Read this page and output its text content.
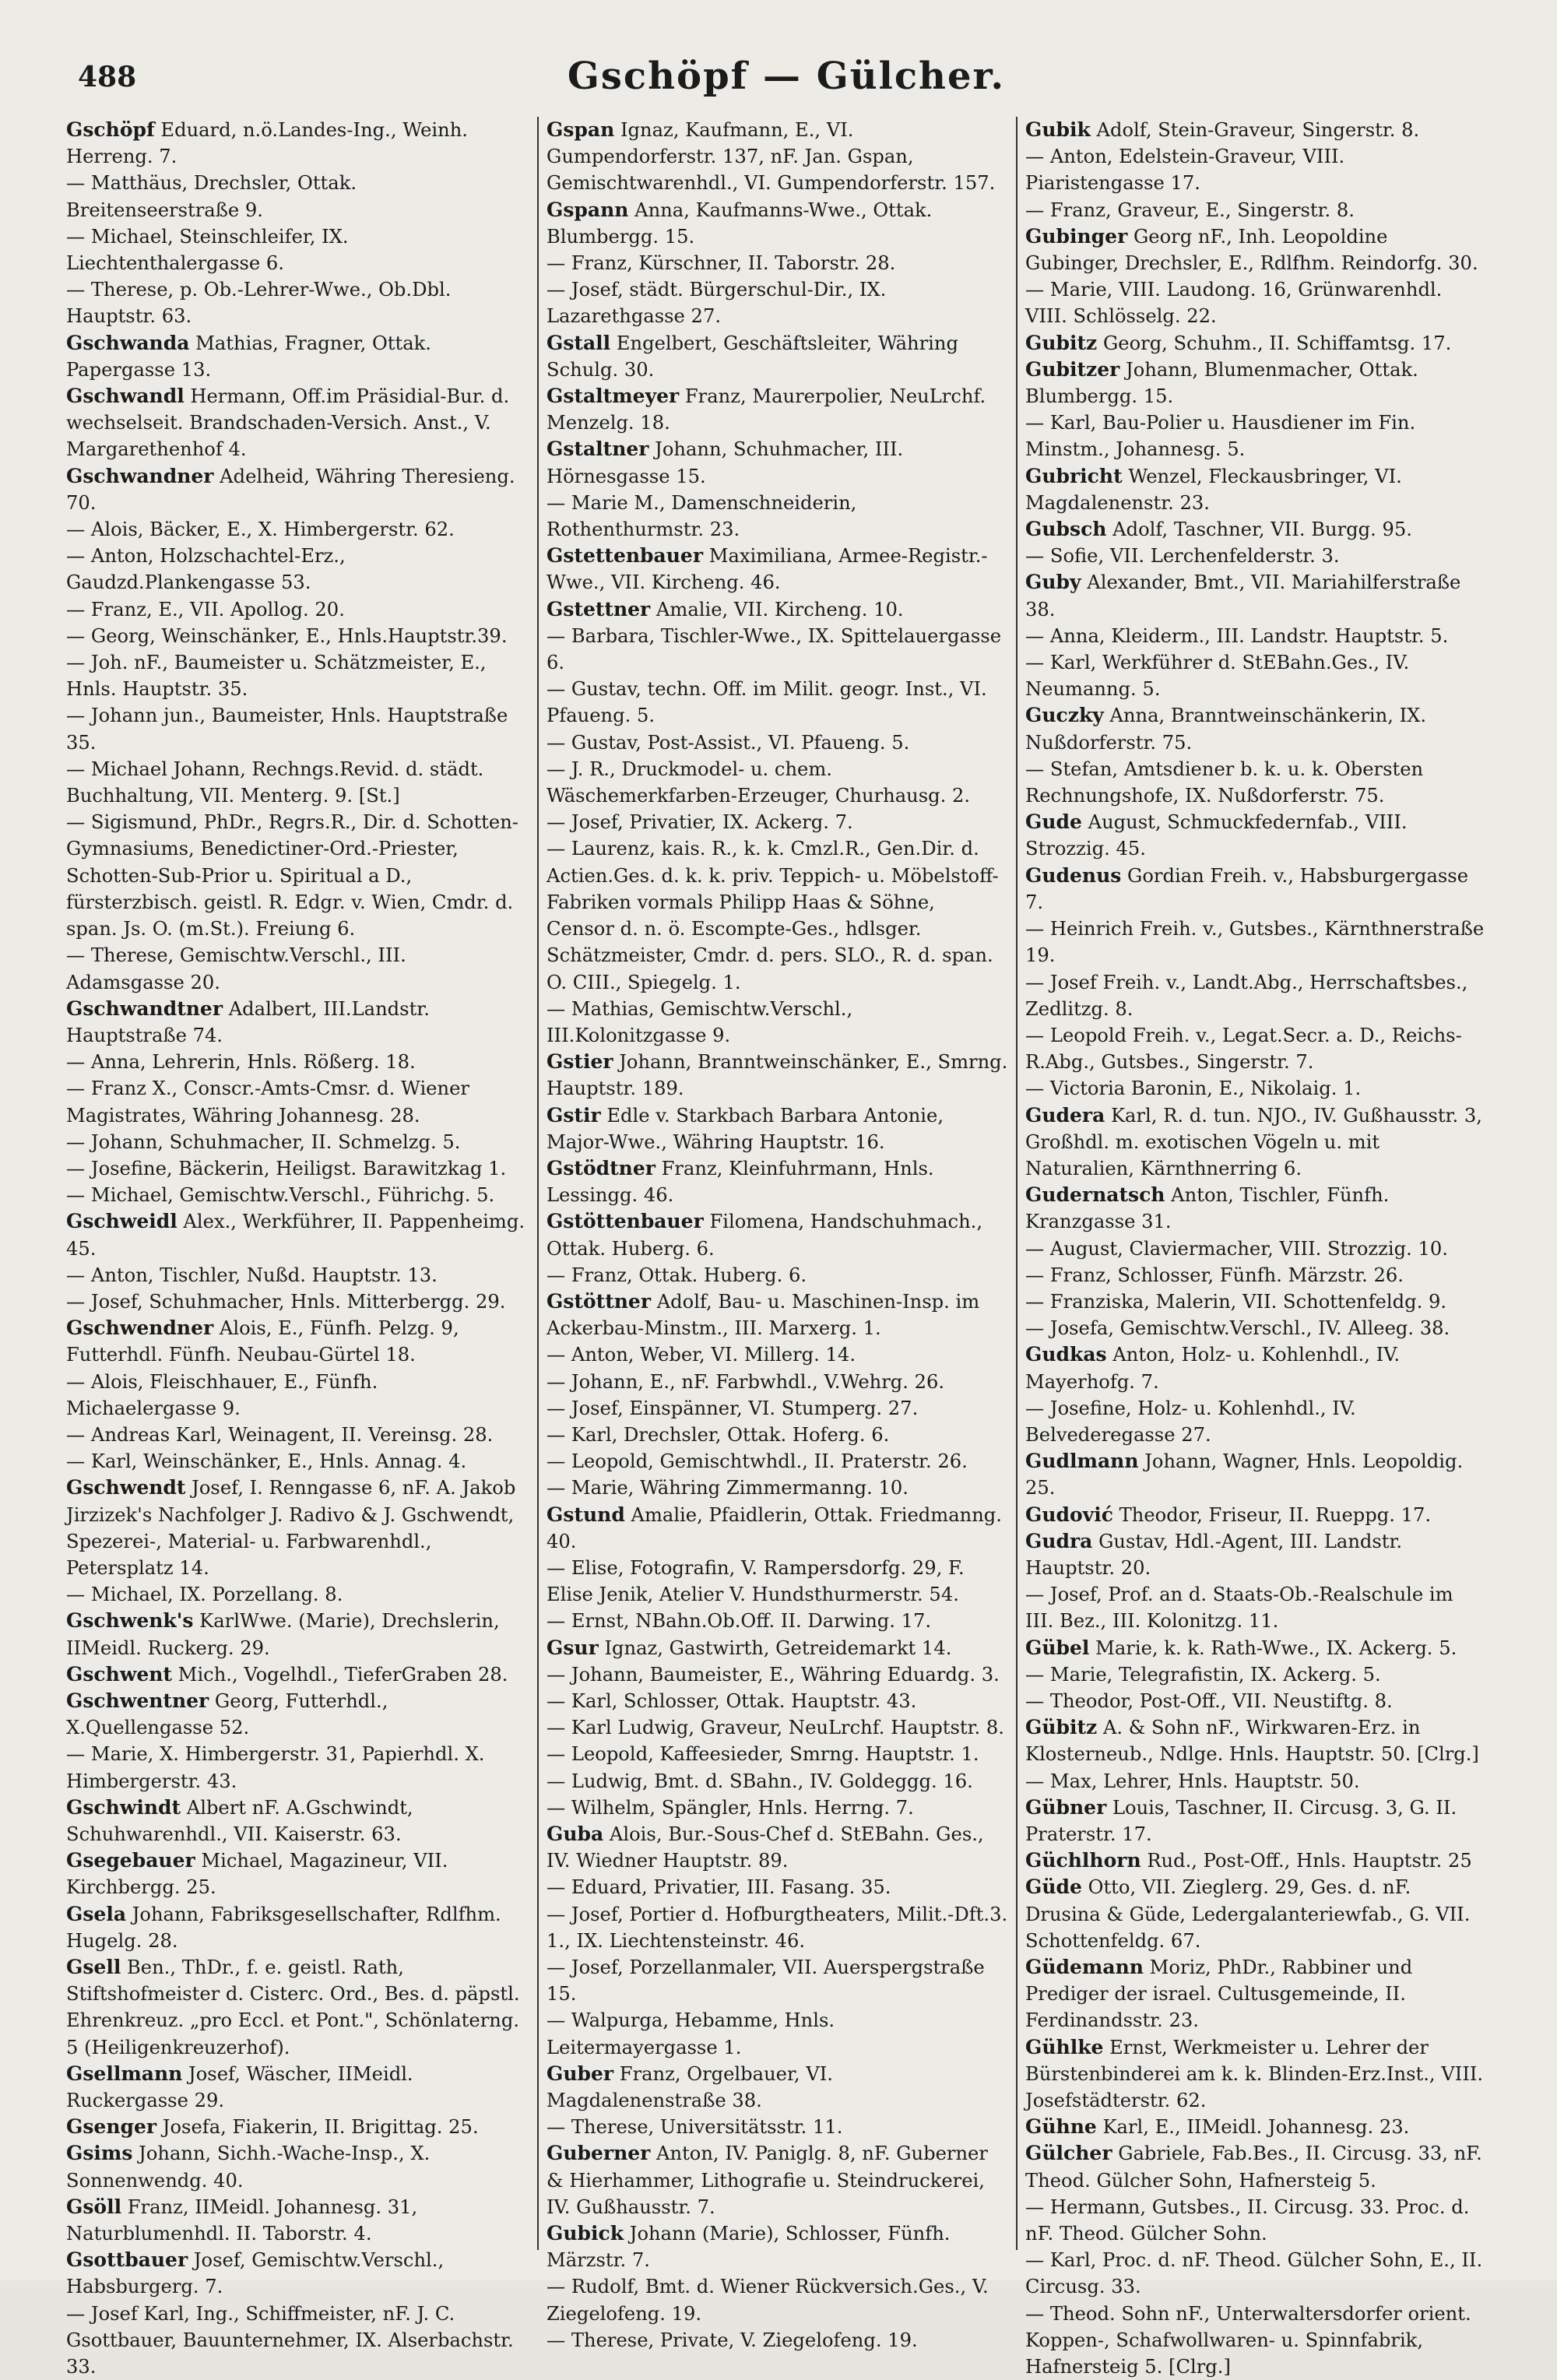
488	Gschöpf — Gülcher.

Gschöpf Eduard, n.ö.Landes-Ing., Weinh. Herreng. 7.

— Matthäus, Drechsler, Ottak. Breitenseerstraße 9.

— Michael, Steinschleifer, IX. Liechtenthalergasse 6.

— Therese, p. Ob.-Lehrer-Wwe., Ob.Dbl. Hauptstr. 63.

Gschwanda Mathias, Fragner, Ottak. Papergasse 13.

Gschwandl Hermann, Off.im Präsidial-Bur. d. wechselseit. Brandschaden-Versich. Anst., V. Margarethenhof 4.

Gschwandner Adelheid, Währing Theresieng. 70.

— Alois, Bäcker, E., X. Himbergerstr. 62.

— Anton, Holzschachtel-Erz., Gaudzd.Plankengasse 53.

— Franz, E., VII. Apollog. 20.

— Georg, Weinschänker, E., Hnls.Hauptstr.39.

— Joh. nF., Baumeister u. Schätzmeister, E., Hnls. Hauptstr. 35.

— Johann jun., Baumeister, Hnls. Hauptstraße 35.

— Michael Johann, Rechngs.Revid. d. städt. Buchhaltung, VII. Menterg. 9. [St.]

— Sigismund, PhDr., Regrs.R., Dir. d. Schotten-Gymnasiums, Benedictiner-Ord.-Priester, Schotten-Sub-Prior u. Spiritual a D., fürsterzbisch. geistl. R. Edgr. v. Wien, Cmdr. d. span. Js. O. (m.St.). Freiung 6.

— Therese, Gemischtw.Verschl., III. Adamsgasse 20.

Gschwandtner Adalbert, III.Landstr. Hauptstraße 74.

— Anna, Lehrerin, Hnls. Rößerg. 18.

— Franz X., Conscr.-Amts-Cmsr. d. Wiener Magistrates, Währing Johannesg. 28.

— Johann, Schuhmacher, II. Schmelzg. 5.

— Josefine, Bäckerin, Heiligst. Barawitzkag 1.

— Michael, Gemischtw.Verschl., Führichg. 5.

Gschweidl Alex., Werkführer, II. Pappenheimg. 45.

— Anton, Tischler, Nußd. Hauptstr. 13.

— Josef, Schuhmacher, Hnls. Mitterbergg. 29.

Gschwendner Alois, E., Fünfh. Pelzg. 9, Futterhdl. Fünfh. Neubau-Gürtel 18.

— Alois, Fleischhauer, E., Fünfh. Michaelergasse 9.

— Andreas Karl, Weinagent, II. Vereinsg. 28.

— Karl, Weinschänker, E., Hnls. Annag. 4.

Gschwendt Josef, I. Renngasse 6, nF. A. Jakob Jirzizek's Nachfolger J. Radivo & J. Gschwendt, Spezerei-, Material- u. Farbwarenhdl., Petersplatz 14.

— Michael, IX. Porzellang. 8.

Gschwenk's KarlWwe. (Marie), Drechslerin, IIMeidl. Ruckerg. 29.

Gschwent Mich., Vogelhdl., TieferGraben 28.

Gschwentner Georg, Futterhdl., X.Quellengasse 52.

— Marie, X. Himbergerstr. 31, Papierhdl. X. Himbergerstr. 43.

Gschwindt Albert nF. A.Gschwindt, Schuhwarenhdl., VII. Kaiserstr. 63.

Gsegebauer Michael, Magazineur, VII. Kirchbergg. 25.

Gsela Johann, Fabriksgesellschafter, Rdlfhm. Hugelg. 28.

Gsell Ben., ThDr., f. e. geistl. Rath, Stiftshofmeister d. Cisterc. Ord., Bes. d. päpstl. Ehrenkreuz. „pro Eccl. et Pont.", Schönlaterng. 5 (Heiligenkreuzerhof).

Gsellmann Josef, Wäscher, IIMeidl. Ruckergasse 29.

Gsenger Josefa, Fiakerin, II. Brigittag. 25.

Gsims Johann, Sichh.-Wache-Insp., X. Sonnenwendg. 40.

Gsöll Franz, IIMeidl. Johannesg. 31, Naturblumenhdl. II. Taborstr. 4.

Gsottbauer Josef, Gemischtw.Verschl., Habsburgerg. 7.

— Josef Karl, Ing., Schiffmeister, nF. J. C. Gsottbauer, Bauunternehmer, IX. Alserbachstr. 33.

Gspan Ignaz, Kaufmann, E., VI. Gumpendorferstr. 137, nF. Jan. Gspan, Gemischtwarenhdl., VI. Gumpendorferstr. 157.

Gspann Anna, Kaufmanns-Wwe., Ottak. Blumbergg. 15.

— Franz, Kürschner, II. Taborstr. 28.

— Josef, städt. Bürgerschul-Dir., IX. Lazarethgasse 27.

Gstall Engelbert, Geschäftsleiter, Währing Schulg. 30.

Gstaltmeyer Franz, Maurerpolier, NeuLrchf. Menzelg. 18.

Gstaltner Johann, Schuhmacher, III. Hörnesgasse 15.

— Marie M., Damenschneiderin, Rothenthurmstr. 23.

Gstettenbauer Maximiliana, Armee-Registr.-Wwe., VII. Kircheng. 46.

Gstettner Amalie, VII. Kircheng. 10.

— Barbara, Tischler-Wwe., IX. Spittelauergasse 6.

— Gustav, techn. Off. im Milit. geogr. Inst., VI. Pfaueng. 5.

— Gustav, Post-Assist., VI. Pfaueng. 5.

— J. R., Druckmodel- u. chem. Wäschemerkfarben-Erzeuger, Churhausg. 2.

— Josef, Privatier, IX. Ackerg. 7.

— Laurenz, kais. R., k. k. Cmzl.R., Gen.Dir. d. Actien.Ges. d. k. k. priv. Teppich- u. Möbelstoff-Fabriken vormals Philipp Haas & Söhne, Censor d. n. ö. Escompte-Ges., hdlsger. Schätzmeister, Cmdr. d. pers. SLO., R. d. span. O. CIII., Spiegelg. 1.

— Mathias, Gemischtw.Verschl., III.Kolonitzgasse 9.

Gstier Johann, Branntweinschänker, E., Smrng. Hauptstr. 189.

Gstir Edle v. Starkbach Barbara Antonie, Major-Wwe., Währing Hauptstr. 16.

Gstödtner Franz, Kleinfuhrmann, Hnls. Lessingg. 46.

Gstöttenbauer Filomena, Handschuhmach., Ottak. Huberg. 6.

— Franz, Ottak. Huberg. 6.

Gstöttner Adolf, Bau- u. Maschinen-Insp. im Ackerbau-Minstm., III. Marxerg. 1.

— Anton, Weber, VI. Millerg. 14.

— Johann, E., nF. Farbwhdl., V.Wehrg. 26.

— Josef, Einspänner, VI. Stumperg. 27.

— Karl, Drechsler, Ottak. Hoferg. 6.

— Leopold, Gemischtwhdl., II. Praterstr. 26.

— Marie, Währing Zimmermanng. 10.

Gstund Amalie, Pfaidlerin, Ottak. Friedmanng. 40.

— Elise, Fotografin, V. Rampersdorfg. 29, F. Elise Jenik, Atelier V. Hundsthurmerstr. 54.

— Ernst, NBahn.Ob.Off. II. Darwing. 17.

Gsur Ignaz, Gastwirth, Getreidemarkt 14.

— Johann, Baumeister, E., Währing Eduardg. 3.

— Karl, Schlosser, Ottak. Hauptstr. 43.

— Karl Ludwig, Graveur, NeuLrchf. Hauptstr. 8.

— Leopold, Kaffeesieder, Smrng. Hauptstr. 1.

— Ludwig, Bmt. d. SBahn., IV. Goldeggg. 16.

— Wilhelm, Spängler, Hnls. Herrng. 7.

Guba Alois, Bur.-Sous-Chef d. StEBahn. Ges., IV. Wiedner Hauptstr. 89.

— Eduard, Privatier, III. Fasang. 35.

— Josef, Portier d. Hofburgtheaters, Milit.-Dft.3. 1., IX. Liechtensteinstr. 46.

— Josef, Porzellanmaler, VII. Auerspergstraße 15.

— Walpurga, Hebamme, Hnls. Leitermayergasse 1.

Guber Franz, Orgelbauer, VI. Magdalenenstraße 38.

— Therese, Universitätsstr. 11.

Guberner Anton, IV. Paniglg. 8, nF. Guberner & Hierhammer, Lithografie u. Steindruckerei, IV. Gußhausstr. 7.

Gubick Johann (Marie), Schlosser, Fünfh. Märzstr. 7.

— Rudolf, Bmt. d. Wiener Rückversich.Ges., V. Ziegelofeng. 19.

— Therese, Private, V. Ziegelofeng. 19.

Gubik Adolf, Stein-Graveur, Singerstr. 8.

— Anton, Edelstein-Graveur, VIII. Piaristengasse 17.

— Franz, Graveur, E., Singerstr. 8.

Gubinger Georg nF., Inh. Leopoldine Gubinger, Drechsler, E., Rdlfhm. Reindorfg. 30.

— Marie, VIII. Laudong. 16, Grünwarenhdl. VIII. Schlösselg. 22.

Gubitz Georg, Schuhm., II. Schiffamtsg. 17.

Gubitzer Johann, Blumenmacher, Ottak. Blumbergg. 15.

— Karl, Bau-Polier u. Hausdiener im Fin. Minstm., Johannesg. 5.

Gubricht Wenzel, Fleckausbringer, VI. Magdalenenstr. 23.

Gubsch Adolf, Taschner, VII. Burgg. 95.

— Sofie, VII. Lerchenfelderstr. 3.

Guby Alexander, Bmt., VII. Mariahilferstraße 38.

— Anna, Kleiderm., III. Landstr. Hauptstr. 5.

— Karl, Werkführer d. StEBahn.Ges., IV. Neumanng. 5.

Guczky Anna, Branntweinschänkerin, IX. Nußdorferstr. 75.

— Stefan, Amtsdiener b. k. u. k. Obersten Rechnungshofe, IX. Nußdorferstr. 75.

Gude August, Schmuckfedernfab., VIII. Strozzig. 45.

Gudenus Gordian Freih. v., Habsburgergasse 7.

— Heinrich Freih. v., Gutsbes., Kärnthnerstraße 19.

— Josef Freih. v., Landt.Abg., Herrschaftsbes., Zedlitzg. 8.

— Leopold Freih. v., Legat.Secr. a. D., Reichs-R.Abg., Gutsbes., Singerstr. 7.

— Victoria Baronin, E., Nikolaig. 1.

Gudera Karl, R. d. tun. NJO., IV. Gußhausstr. 3, Großhdl. m. exotischen Vögeln u. mit Naturalien, Kärnthnerring 6.

Gudernatsch Anton, Tischler, Fünfh. Kranzgasse 31.

— August, Claviermacher, VIII. Strozzig. 10.

— Franz, Schlosser, Fünfh. Märzstr. 26.

— Franziska, Malerin, VII. Schottenfeldg. 9.

— Josefa, Gemischtw.Verschl., IV. Alleeg. 38.

Gudkas Anton, Holz- u. Kohlenhdl., IV. Mayerhofg. 7.

— Josefine, Holz- u. Kohlenhdl., IV. Belvederegasse 27.

Gudlmann Johann, Wagner, Hnls. Leopoldig. 25.

Gudović Theodor, Friseur, II. Rueppg. 17.

Gudra Gustav, Hdl.-Agent, III. Landstr. Hauptstr. 20.

— Josef, Prof. an d. Staats-Ob.-Realschule im III. Bez., III. Kolonitzg. 11.

Gübel Marie, k. k. Rath-Wwe., IX. Ackerg. 5.

— Marie, Telegrafistin, IX. Ackerg. 5.

— Theodor, Post-Off., VII. Neustiftg. 8.

Gübitz A. & Sohn nF., Wirkwaren-Erz. in Klosterneub., Ndlge. Hnls. Hauptstr. 50. [Clrg.]

— Max, Lehrer, Hnls. Hauptstr. 50.

Gübner Louis, Taschner, II. Circusg. 3, G. II. Praterstr. 17.

Güchlhorn Rud., Post-Off., Hnls. Hauptstr. 25

Güde Otto, VII. Zieglerg. 29, Ges. d. nF. Drusina & Güde, Ledergalanteriewfab., G. VII. Schottenfeldg. 67.

Güdemann Moriz, PhDr., Rabbiner und Prediger der israel. Cultusgemeinde, II. Ferdinandsstr. 23.

Gühlke Ernst, Werkmeister u. Lehrer der Bürstenbinderei am k. k. Blinden-Erz.Inst., VIII. Josefstädterstr. 62.

Gühne Karl, E., IIMeidl. Johannesg. 23.

Gülcher Gabriele, Fab.Bes., II. Circusg. 33, nF. Theod. Gülcher Sohn, Hafnersteig 5.

— Hermann, Gutsbes., II. Circusg. 33. Proc. d. nF. Theod. Gülcher Sohn.

— Karl, Proc. d. nF. Theod. Gülcher Sohn, E., II. Circusg. 33.

— Theod. Sohn nF., Unterwaltersdorfer orient. Koppen-, Schafwollwaren- u. Spinnfabrik, Hafnersteig 5. [Clrg.]
